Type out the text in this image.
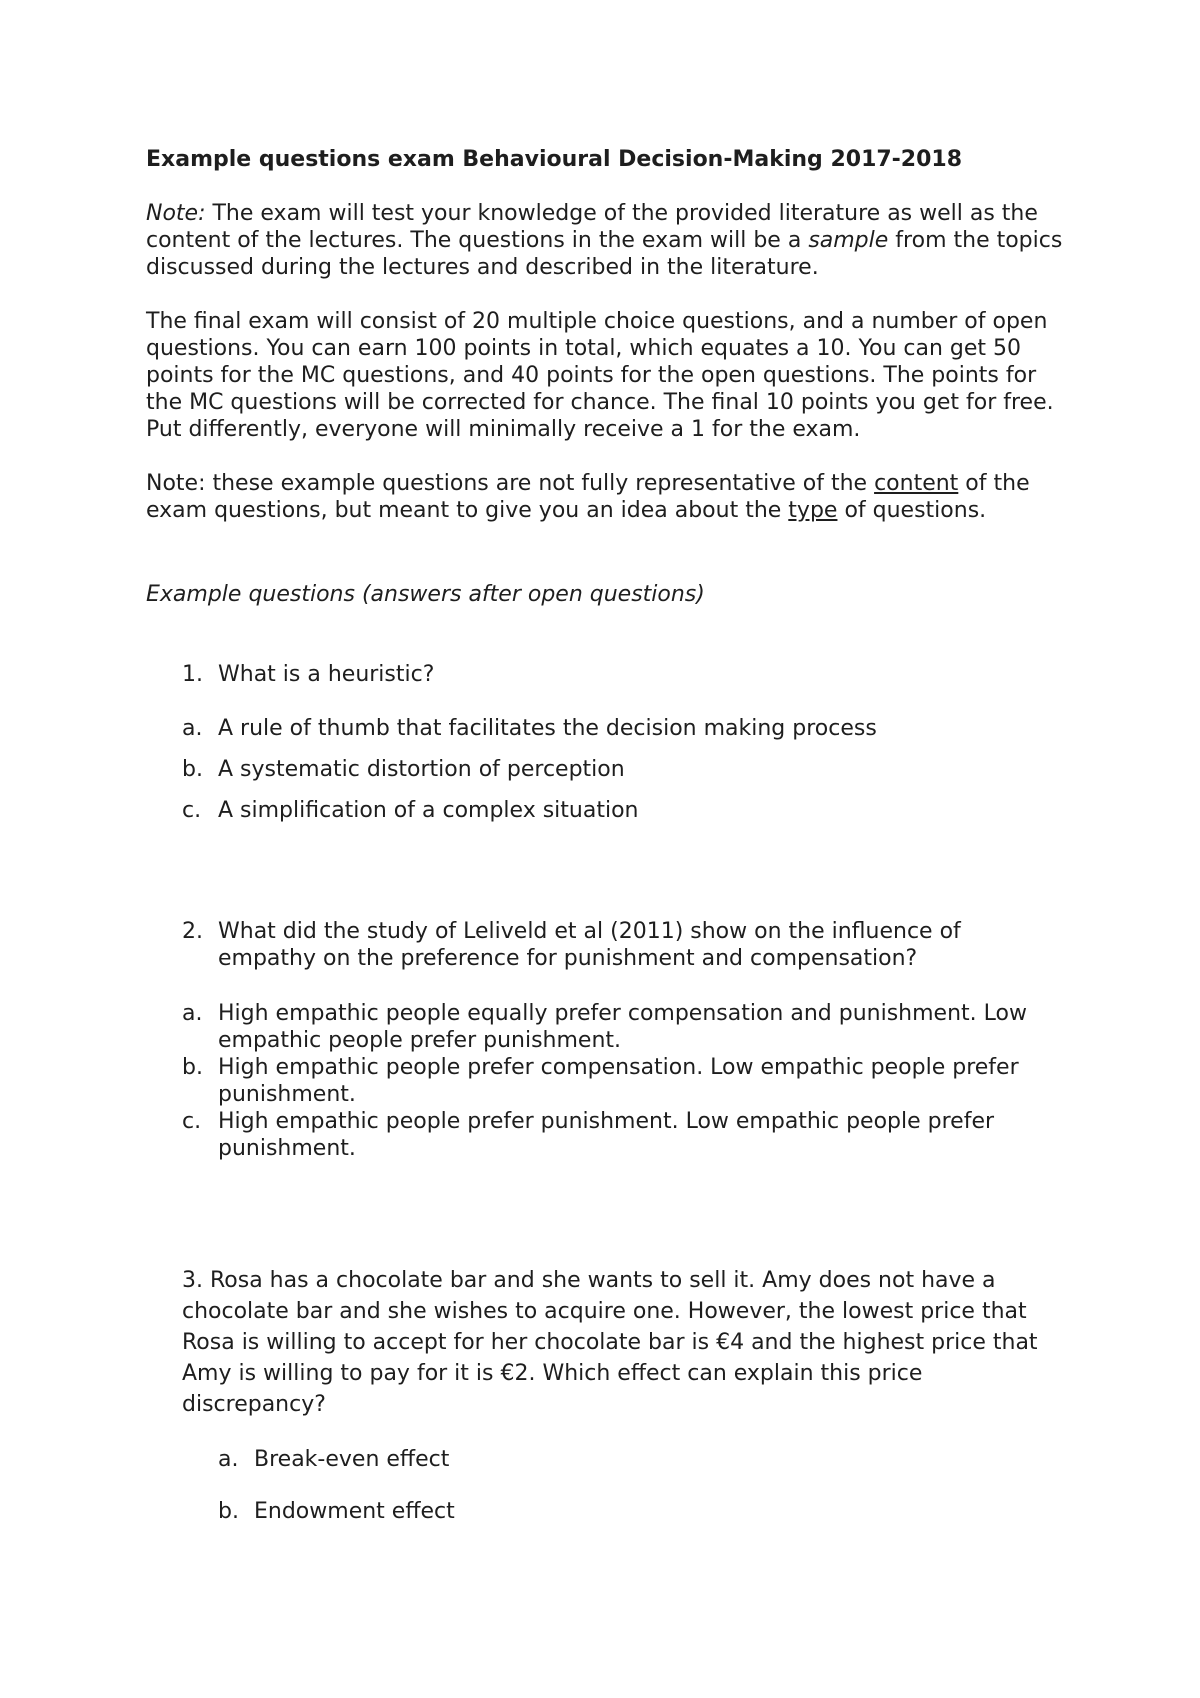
Example questions exam Behavioural Decision-Making 2017-2018

Note: The exam will test your knowledge of the provided literature as well as the
content of the lectures. The questions in the exam will be a sample from the topics
discussed during the lectures and described in the literature.
The final exam will consist of 20 multiple choice questions, and a number of open
questions. You can earn 100 points in total, which equates a 10. You can get 50
points for the MC questions, and 40 points for the open questions. The points for
the MC questions will be corrected for chance. The final 10 points you get for free.
Put differently, everyone will minimally receive a 1 for the exam.
Note: these example questions are not fully representative of the content of the
exam questions, but meant to give you an idea about the type of questions.

Example questions (answers after open questions)

1. What is a heuristic?
a. A rule of thumb that facilitates the decision making process
b. A systematic distortion of perception
c. A simplification of a complex situation
2. What did the study of Leliveld et al (2011) show on the influence of
empathy on the preference for punishment and compensation?
a. High empathic people equally prefer compensation and punishment. Low
empathic people prefer punishment.
b. High empathic people prefer compensation. Low empathic people prefer
punishment.
c. High empathic people prefer punishment. Low empathic people prefer
punishment.
3. Rosa has a chocolate bar and she wants to sell it. Amy does not have a
chocolate bar and she wishes to acquire one. However, the lowest price that
Rosa is willing to accept for her chocolate bar is €4 and the highest price that
Amy is willing to pay for it is €2. Which effect can explain this price
discrepancy?
a. Break-even effect
b. Endowment effect
